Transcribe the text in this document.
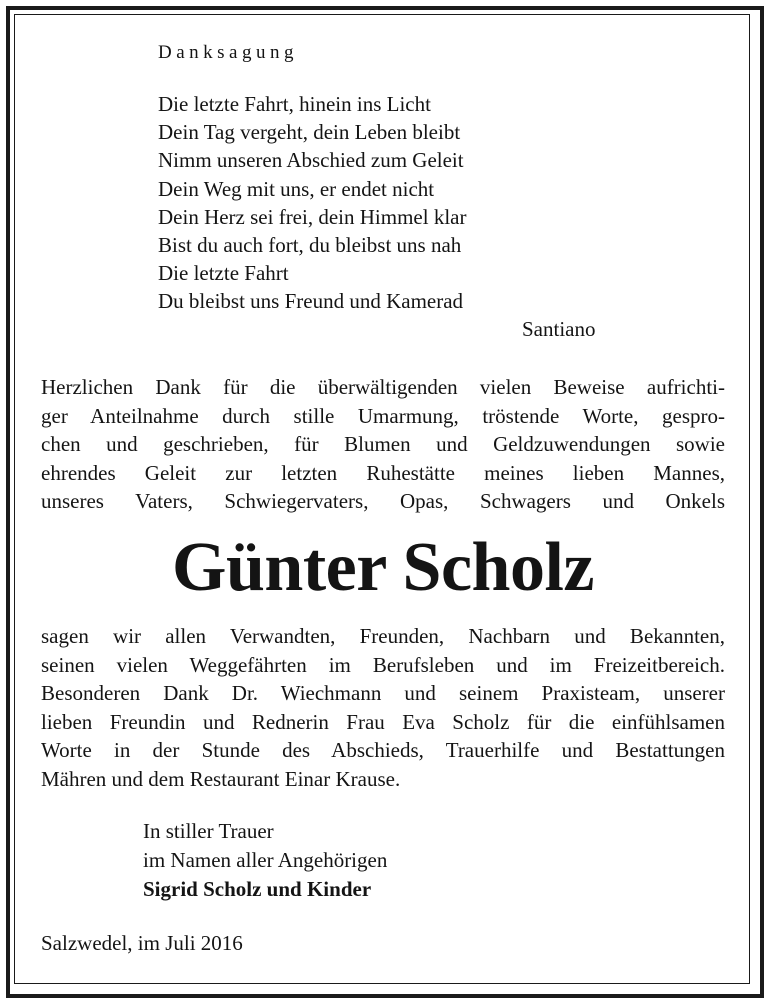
Danksagung
Die letzte Fahrt, hinein ins Licht
Dein Tag vergeht, dein Leben bleibt
Nimm unseren Abschied zum Geleit
Dein Weg mit uns, er endet nicht
Dein Herz sei frei, dein Himmel klar
Bist du auch fort, du bleibst uns nah
Die letzte Fahrt
Du bleibst uns Freund und Kamerad
Santiano
Herzlichen Dank für die überwältigenden vielen Beweise aufrichti-
ger Anteilnahme durch stille Umarmung, tröstende Worte, gespro-
chen und geschrieben, für Blumen und Geldzuwendungen sowie
ehrendes Geleit zur letzten Ruhestätte meines lieben Mannes,
unseres Vaters, Schwiegervaters, Opas, Schwagers und Onkels
Günter Scholz
sagen wir allen Verwandten, Freunden, Nachbarn und Bekannten,
seinen vielen Weggefährten im Berufsleben und im Freizeitbereich.
Besonderen Dank Dr. Wiechmann und seinem Praxisteam, unserer
lieben Freundin und Rednerin Frau Eva Scholz für die einfühlsamen
Worte in der Stunde des Abschieds, Trauerhilfe und Bestattungen
Mähren und dem Restaurant Einar Krause.
In stiller Trauer
im Namen aller Angehörigen
Sigrid Scholz und Kinder
Salzwedel, im Juli 2016
